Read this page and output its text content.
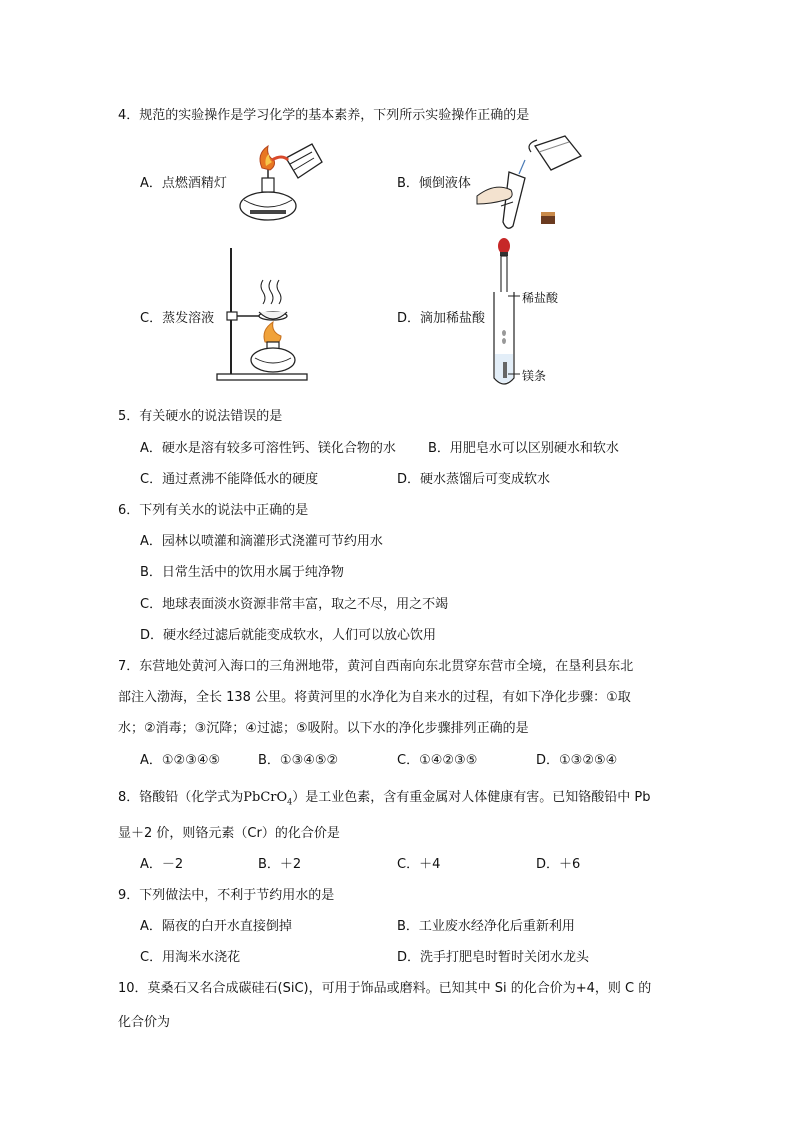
4．规范的实验操作是学习化学的基本素养，下列所示实验操作正确的是
A．点燃酒精灯	B．倾倒液体
C．蒸发溶液	D．滴加稀盐酸
稀盐酸
镁条
5．有关硬水的说法错误的是
A．硬水是溶有较多可溶性钙、镁化合物的水 B．用肥皂水可以区别硬水和软水
C．通过煮沸不能降低水的硬度	D．硬水蒸馏后可变成软水
6．下列有关水的说法中正确的是
A．园林以喷灌和滴灌形式浇灌可节约用水
B．日常生活中的饮用水属于纯净物
C．地球表面淡水资源非常丰富，取之不尽，用之不竭
D．硬水经过滤后就能变成软水，人们可以放心饮用
7．东营地处黄河入海口的三角洲地带，黄河自西南向东北贯穿东营市全境，在垦利县东北
部注入渤海，全长 138 公里。将黄河里的水净化为自来水的过程，有如下净化步骤：①取
水；②消毒；③沉降；④过滤；⑤吸附。以下水的净化步骤排列正确的是
A．①②③④⑤	B．①③④⑤②	C．①④②③⑤	D．①③②⑤④
8．铬酸铅（化学式为PbCrO$_4$）是工业色素，含有重金属对人体健康有害。已知铬酸铅中 Pb
显＋2 价，则铬元素（Cr）的化合价是
A．－2	B．＋2	C．＋4	D．＋6
9．下列做法中，不利于节约用水的是
A．隔夜的白开水直接倒掉	B．工业废水经净化后重新利用
C．用淘米水浇花	D．洗手打肥皂时暂时关闭水龙头
10．莫桑石又名合成碳硅石(SiC)，可用于饰品或磨料。已知其中 Si 的化合价为+4，则 C 的
化合价为
